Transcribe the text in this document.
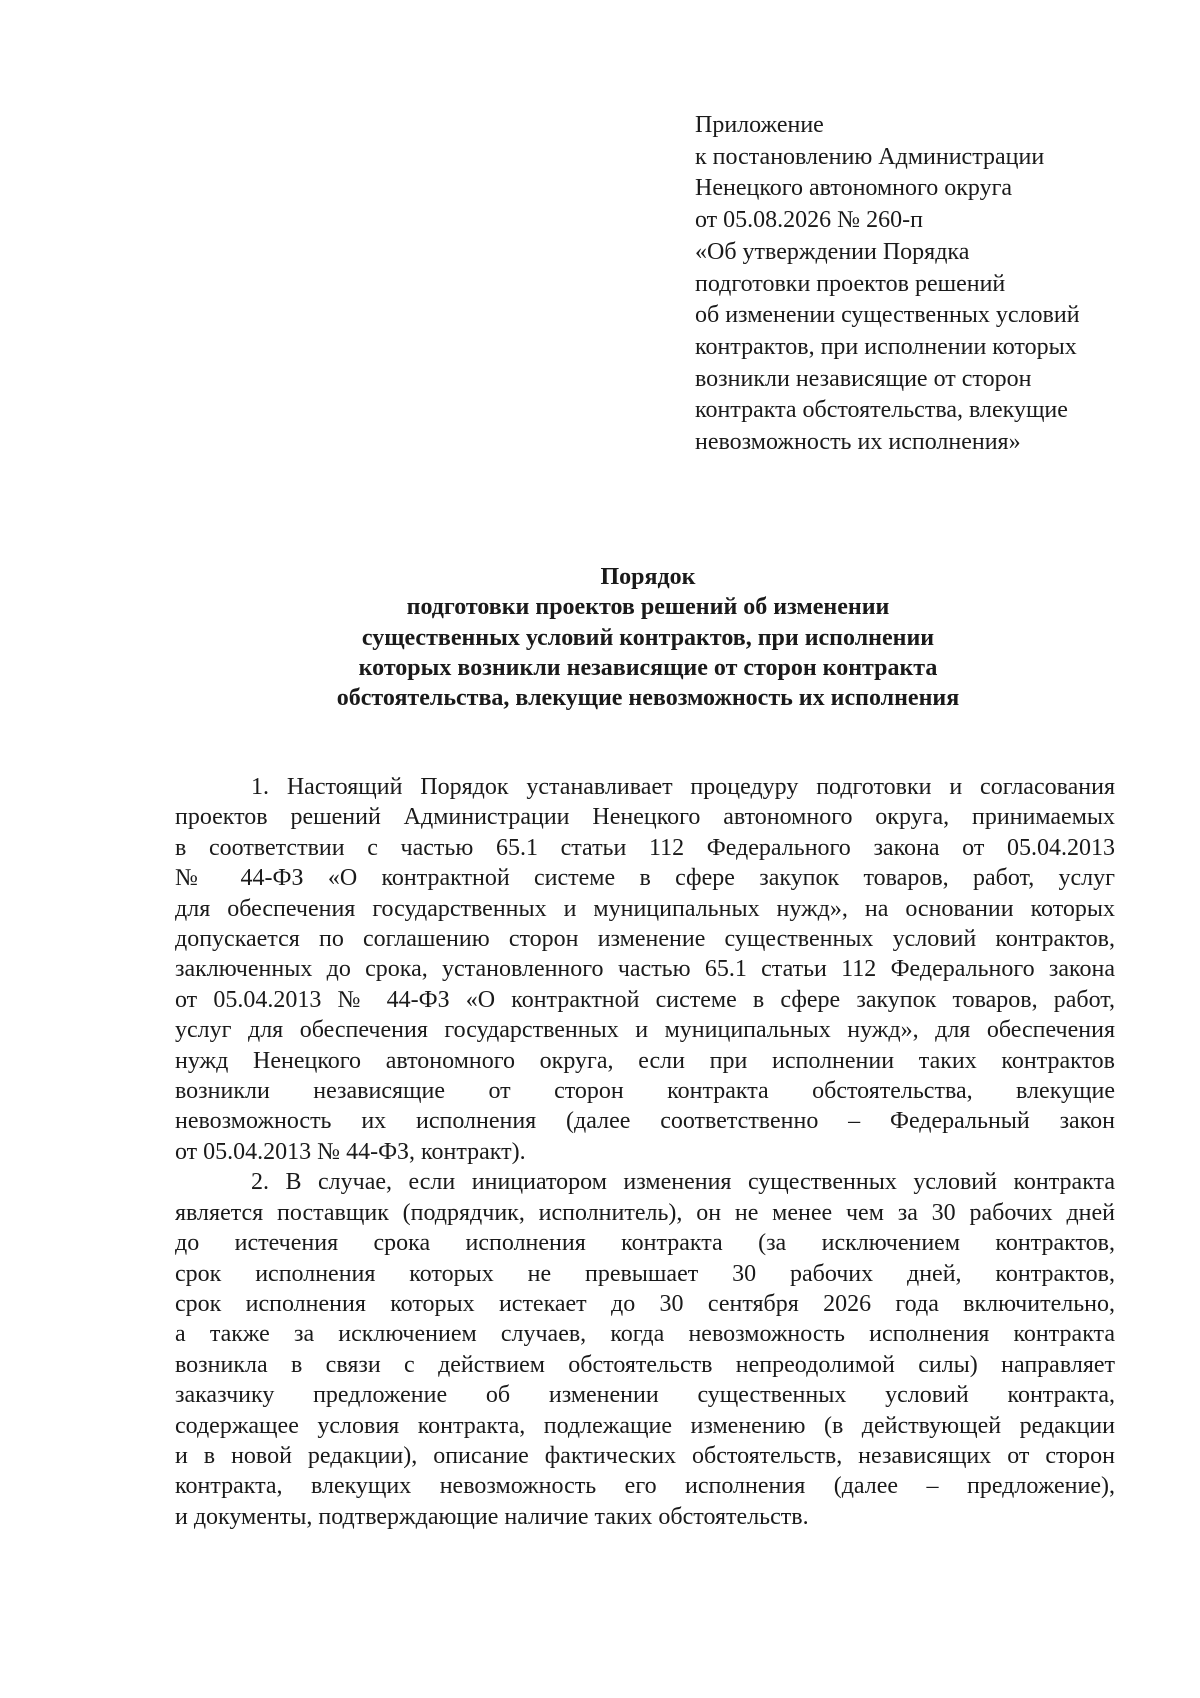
Приложение
к постановлению Администрации
Ненецкого автономного округа
от 05.08.2026 № 260-п
«Об утверждении Порядка
подготовки проектов решений
об изменении существенных условий
контрактов, при исполнении которых
возникли независящие от сторон
контракта обстоятельства, влекущие
невозможность их исполнения»
Порядок
подготовки проектов решений об изменении
существенных условий контрактов, при исполнении
которых возникли независящие от сторон контракта
обстоятельства, влекущие невозможность их исполнения
1. Настоящий Порядок устанавливает процедуру подготовки и согласования
проектов решений Администрации Ненецкого автономного округа, принимаемых
в соответствии с частью 65.1 статьи 112 Федерального закона от 05.04.2013
№ 44-ФЗ «О контрактной системе в сфере закупок товаров, работ, услуг
для обеспечения государственных и муниципальных нужд», на основании которых
допускается по соглашению сторон изменение существенных условий контрактов,
заключенных до срока, установленного частью 65.1 статьи 112 Федерального закона
от 05.04.2013 № 44-ФЗ «О контрактной системе в сфере закупок товаров, работ,
услуг для обеспечения государственных и муниципальных нужд», для обеспечения
нужд Ненецкого автономного округа, если при исполнении таких контрактов
возникли независящие от сторон контракта обстоятельства, влекущие
невозможность их исполнения (далее соответственно – Федеральный закон
от 05.04.2013 № 44-ФЗ, контракт).
2. В случае, если инициатором изменения существенных условий контракта
является поставщик (подрядчик, исполнитель), он не менее чем за 30 рабочих дней
до истечения срока исполнения контракта (за исключением контрактов,
срок исполнения которых не превышает 30 рабочих дней, контрактов,
срок исполнения которых истекает до 30 сентября 2026 года включительно,
а также за исключением случаев, когда невозможность исполнения контракта
возникла в связи с действием обстоятельств непреодолимой силы) направляет
заказчику предложение об изменении существенных условий контракта,
содержащее условия контракта, подлежащие изменению (в действующей редакции
и в новой редакции), описание фактических обстоятельств, независящих от сторон
контракта, влекущих невозможность его исполнения (далее – предложение),
и документы, подтверждающие наличие таких обстоятельств.
